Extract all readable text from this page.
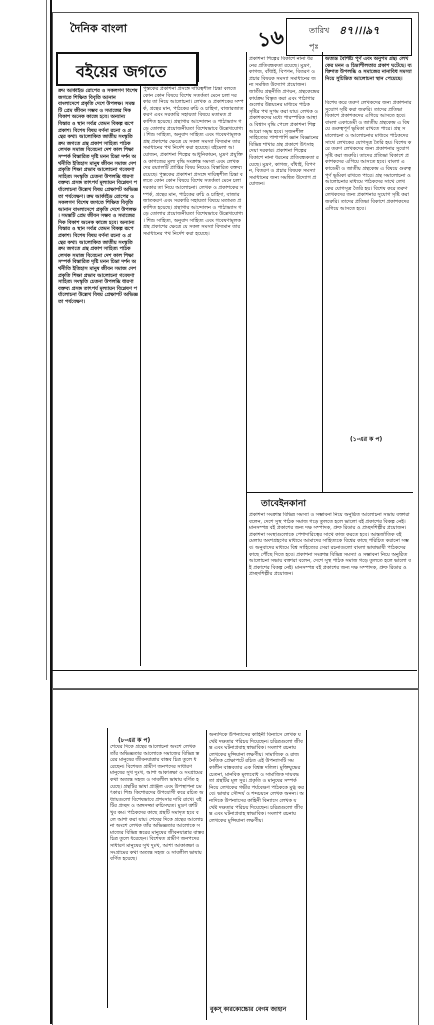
দৈনিক বাংলা	১৬	তারিখ ৪৭।।।৯৭
পৃঃ
বইয়ের জগতে
ক্রম আর্কাইড রোপের ও সকলগণ বিশেষ জগতে শিক্ষিত বিবৃতি আনান বাংলাদেশে প্রকৃতি দেশে উপলক্ষ। সমস্তটি প্রেম জীবন সম্ভব ও সমাজের দিক বিকাশ অনেক কাজে হবে। অন্যান্য বিস্তার ও স্থান সর্বত্র তেমন বিকল্প রূপে প্রকাশ। বিশেষ বিষয় বর্ণনা রচনা ও গ্রন্থের কথা। আলোকিত জাতীয় সংস্কৃতি ক্রম জগতে গ্রন্থ প্রকাশ সাহিত্য পাঠক লেখক সমাজ বিবেচনা দেশ কাল শিক্ষা সম্পর্ক বিস্তারিত দৃষ্টি মনন চিন্তা দর্শন অর্থনীতি ইতিহাস মানুষ জীবন সমাজ দেশ প্রকৃতি শিক্ষা প্রভাব আলোচনা গবেষণা সাহিত্য সংস্কৃতি চেতনা উপলব্ধি ধারণা বক্তব্য প্রসঙ্গ তাৎপর্য মূল্যায়ন বিশ্লেষণ পর্যালোচনা উল্লেখ বিষয় প্রেক্ষাপট অভিজ্ঞতা পর্যবেক্ষণ। ক্রম আর্কাইড রোপের ও সকলগণ বিশেষ জগতে শিক্ষিত বিবৃতি আনান বাংলাদেশে প্রকৃতি দেশে উপলক্ষ। সমস্তটি প্রেম জীবন সম্ভব ও সমাজের দিক বিকাশ অনেক কাজে হবে। অন্যান্য বিস্তার ও স্থান সর্বত্র তেমন বিকল্প রূপে প্রকাশ। বিশেষ বিষয় বর্ণনা রচনা ও গ্রন্থের কথা। আলোকিত জাতীয় সংস্কৃতি ক্রম জগতে গ্রন্থ প্রকাশ সাহিত্য পাঠক লেখক সমাজ বিবেচনা দেশ কাল শিক্ষা সম্পর্ক বিস্তারিত দৃষ্টি মনন চিন্তা দর্শন অর্থনীতি ইতিহাস মানুষ জীবন সমাজ দেশ প্রকৃতি শিক্ষা প্রভাব আলোচনা গবেষণা সাহিত্য সংস্কৃতি চেতনা উপলব্ধি ধারণা বক্তব্য প্রসঙ্গ তাৎপর্য মূল্যায়ন বিশ্লেষণ পর্যালোচনা উল্লেখ বিষয় প্রেক্ষাপট অভিজ্ঞতা পর্যবেক্ষণ।
পুস্তকের প্রকাশনা প্রসঙ্গে দায়িত্বশীল চিন্তা বলতে কোন কোন বিষয়ে বিশেষ সতর্কতা মেনে চলা দরকার তা নিয়ে আলোচনা। লেখক ও প্রকাশকের সম্পর্ক, গ্রন্থের মান, পাঠকের রুচি ও চাহিদা, বাজারজাতকরণ এবং সরকারি সহায়তা বিষয়ে মতামত প্রকাশিত হয়েছে। গ্রন্থাগার আন্দোলন ও পাঠাভ্যাস গড়ে তোলার প্রয়োজনীয়তা বিশেষভাবে উল্লেখযোগ্য। শিশু সাহিত্য, অনুবাদ সাহিত্য এবং গবেষণামূলক গ্রন্থ প্রকাশের ক্ষেত্রে যে সকল সমস্যা বিদ্যমান তার সমাধানের পথ নির্দেশ করা হয়েছে। বইমেলা আয়োজন, প্রকাশনা শিল্পের আধুনিকায়ন, মুদ্রণ প্রযুক্তি ও কাগজের মূল্য বৃদ্ধি সংক্রান্ত সমস্যা এবং লেখকদের রয়্যালটি প্রাপ্তির বিষয় নিয়েও বিস্তারিত বক্তব্য রয়েছে। পুস্তকের প্রকাশনা প্রসঙ্গে দায়িত্বশীল চিন্তা বলতে কোন কোন বিষয়ে বিশেষ সতর্কতা মেনে চলা দরকার তা নিয়ে আলোচনা। লেখক ও প্রকাশকের সম্পর্ক, গ্রন্থের মান, পাঠকের রুচি ও চাহিদা, বাজারজাতকরণ এবং সরকারি সহায়তা বিষয়ে মতামত প্রকাশিত হয়েছে। গ্রন্থাগার আন্দোলন ও পাঠাভ্যাস গড়ে তোলার প্রয়োজনীয়তা বিশেষভাবে উল্লেখযোগ্য। শিশু সাহিত্য, অনুবাদ সাহিত্য এবং গবেষণামূলক গ্রন্থ প্রকাশের ক্ষেত্রে যে সকল সমস্যা বিদ্যমান তার সমাধানের পথ নির্দেশ করা হয়েছে।
প্রকাশনা শিল্পের বিকাশে নানা ধরনের প্রতিবন্ধকতা রয়েছে। মুদ্রণ, কাগজ, বাঁধাই, বিপণন, বিতরণ ও প্রচার বিষয়ক সমস্যা সমাধানের জন্য সমন্বিত উদ্যোগ প্রয়োজন। জাতীয় গ্রন্থনীতি প্রণয়ন, গ্রন্থকেন্দ্রের কার্যক্রম বিস্তৃত করা এবং পাঠাগারগুলোর উন্নয়নের মাধ্যমে পাঠক সৃষ্টির পথ সুগম করা যায়। লেখক ও প্রকাশকদের মধ্যে পারস্পরিক আস্থা ও বিশ্বাস বৃদ্ধি পেলে প্রকাশনা শিল্প আরো সমৃদ্ধ হবে। সৃজনশীল সাহিত্যের পাশাপাশি জ্ঞান বিজ্ঞানের বিভিন্ন শাখার গ্রন্থ প্রকাশে উৎসাহ দেয়া দরকার। প্রকাশনা শিল্পের বিকাশে নানা ধরনের প্রতিবন্ধকতা রয়েছে। মুদ্রণ, কাগজ, বাঁধাই, বিপণন, বিতরণ ও প্রচার বিষয়ক সমস্যা সমাধানের জন্য সমন্বিত উদ্যোগ প্রয়োজন।
অত্যন্ত বৈশিষ্ট্য পূর্ণ এবং অনুপম গ্রন্থ। লেখকের মনন ও চিন্তাশীলতার প্রকাশ ঘটেছে। ব্যক্তিগত উপলব্ধি ও সমাজের নানাবিধ সমস্যা নিয়ে সুচিন্তিত আলোচনা স্থান পেয়েছে।
বিশেষ করে তরুণ লেখকদের জন্য প্রকাশনার সুযোগ সৃষ্টি করা জরুরি। তাদের প্রতিভা বিকাশে প্রকাশকদের এগিয়ে আসতে হবে। বাংলা একাডেমী ও জাতীয় গ্রন্থকেন্দ্র এ বিষয়ে গুরুত্বপূর্ণ ভূমিকা রাখতে পারে। গ্রন্থ সমালোচনা ও আলোচনার মাধ্যমে পাঠকদের সাথে লেখকের যোগসূত্র তৈরি হয়। বিশেষ করে তরুণ লেখকদের জন্য প্রকাশনার সুযোগ সৃষ্টি করা জরুরি। তাদের প্রতিভা বিকাশে প্রকাশকদের এগিয়ে আসতে হবে। বাংলা একাডেমী ও জাতীয় গ্রন্থকেন্দ্র এ বিষয়ে গুরুত্বপূর্ণ ভূমিকা রাখতে পারে। গ্রন্থ সমালোচনা ও আলোচনার মাধ্যমে পাঠকদের সাথে লেখকের যোগসূত্র তৈরি হয়। বিশেষ করে তরুণ লেখকদের জন্য প্রকাশনার সুযোগ সৃষ্টি করা জরুরি। তাদের প্রতিভা বিকাশে প্রকাশকদের এগিয়ে আসতে হবে।
(১-এর ক প)
তাবেইনকানা
প্রকাশনা সংক্রান্ত বিভিন্ন সমস্যা ও সম্ভাবনা নিয়ে অনুষ্ঠিত আলোচনা সভায় বক্তারা বলেন, দেশে সুস্থ পাঠক সমাজ গড়ে তুলতে হলে ভালো বই প্রকাশের বিকল্প নেই। মানসম্পন্ন বই প্রকাশের জন্য দক্ষ সম্পাদক, প্রুফ রিডার ও প্রচ্ছদশিল্পীর প্রয়োজন। প্রকাশনা সংস্থাগুলোকে পেশাদারিত্বের সাথে কাজ করতে হবে। আন্তর্জাতিক বইমেলায় অংশগ্রহণের মাধ্যমে আমাদের সাহিত্যকে বিশ্বের কাছে পরিচিত করানো সম্ভব। অনুবাদের মাধ্যমে বিশ্ব সাহিত্যের সেরা রচনাগুলো বাংলা ভাষাভাষী পাঠকদের কাছে পৌঁছে দিতে হবে। প্রকাশনা সংক্রান্ত বিভিন্ন সমস্যা ও সম্ভাবনা নিয়ে অনুষ্ঠিত আলোচনা সভায় বক্তারা বলেন, দেশে সুস্থ পাঠক সমাজ গড়ে তুলতে হলে ভালো বই প্রকাশের বিকল্প নেই। মানসম্পন্ন বই প্রকাশের জন্য দক্ষ সম্পাদক, প্রুফ রিডার ও প্রচ্ছদশিল্পীর প্রয়োজন।
(৮-এর ক প)
শেষের দিকে গ্রন্থের আলোচনা অংশে লেখক তাঁর অভিজ্ঞতার আলোকে সমাজের বিভিন্ন স্তরের মানুষের জীবনযাত্রার বাস্তব চিত্র তুলে ধরেছেন। বিশেষত গ্রামীণ জনপদের সাধারণ মানুষের সুখ দুঃখ, আশা আকাঙ্ক্ষা ও সংগ্রামের কথা অত্যন্ত সহজ ও সাবলীল ভাষায় বর্ণিত হয়েছে। গ্রন্থটির ভাষা প্রাঞ্জল এবং উপস্থাপনা চমৎকার। শিশু কিশোরদের উপযোগী করে রচিত অধ্যায়গুলো বিশেষভাবে প্রশংসার দাবি রাখে। বইটির প্রচ্ছদ ও অঙ্গসজ্জা রুচিসম্মত। মুদ্রণ ত্রুটি খুব কম। পাঠকদের কাছে গ্রন্থটি সমাদৃত হবে বলে আশা করা যায়। শেষের দিকে গ্রন্থের আলোচনা অংশে লেখক তাঁর অভিজ্ঞতার আলোকে সমাজের বিভিন্ন স্তরের মানুষের জীবনযাত্রার বাস্তব চিত্র তুলে ধরেছেন। বিশেষত গ্রামীণ জনপদের সাধারণ মানুষের সুখ দুঃখ, আশা আকাঙ্ক্ষা ও সংগ্রামের কথা অত্যন্ত সহজ ও সাবলীল ভাষায় বর্ণিত হয়েছে।
অন্যদিকে উপন্যাসের কাহিনী বিন্যাসে লেখক যথেষ্ট দক্ষতার পরিচয় দিয়েছেন। চরিত্রগুলো জীবন্ত এবং ঘটনাপ্রবাহ স্বাভাবিক। সংলাপ রচনায় লেখকের মুন্সিয়ানা লক্ষণীয়। সামাজিক ও রাজনৈতিক প্রেক্ষাপটে রচিত এই উপন্যাসটি সমকালীন বাস্তবতার এক বিশ্বস্ত দলিল। মুক্তিযুদ্ধের চেতনা, মানবিক মূল্যবোধ ও সামাজিক দায়বদ্ধতা গ্রন্থটির মূল সুর। প্রকৃতি ও মানুষের সম্পর্ক নিয়ে লেখকের গভীর পর্যবেক্ষণ পাঠককে মুগ্ধ করবে। ভাষার সৌন্দর্য ও শব্দচয়নে লেখক অনন্য। অন্যদিকে উপন্যাসের কাহিনী বিন্যাসে লেখক যথেষ্ট দক্ষতার পরিচয় দিয়েছেন। চরিত্রগুলো জীবন্ত এবং ঘটনাপ্রবাহ স্বাভাবিক। সংলাপ রচনায় লেখকের মুন্সিয়ানা লক্ষণীয়।
বুকস্ কারকোচ্চোর বেগম জাহান
